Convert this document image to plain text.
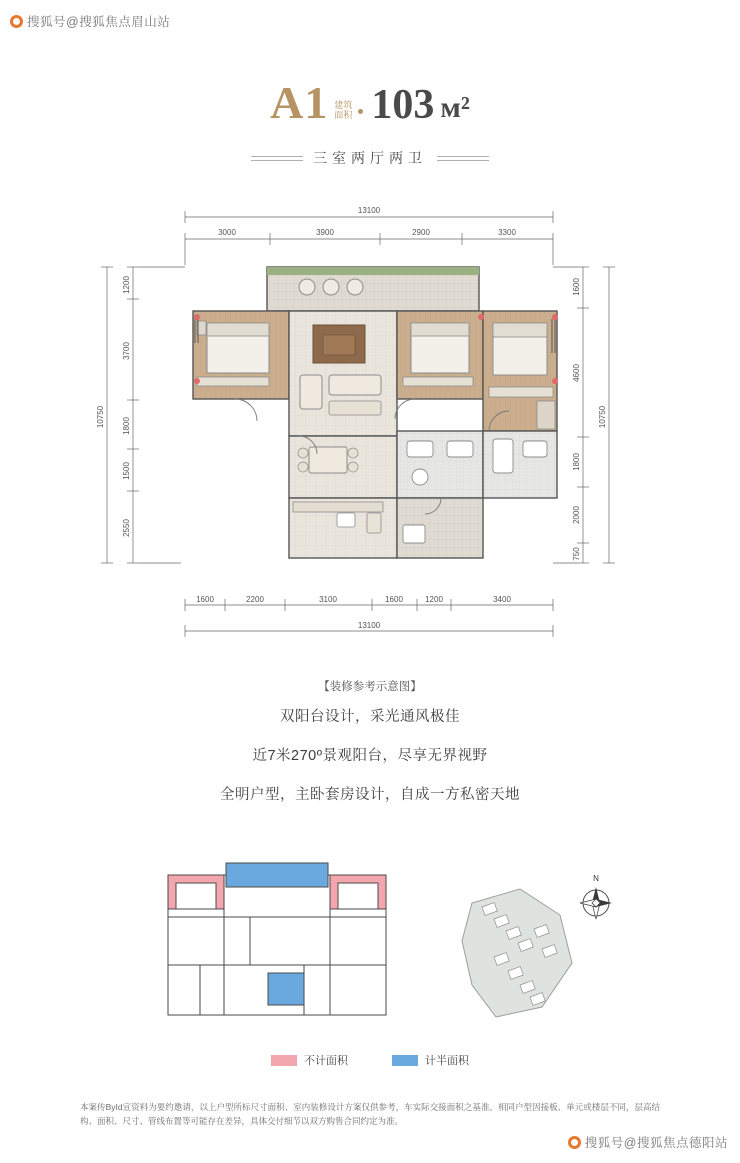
搜狐号@搜狐焦点眉山站
A1 建筑
面积 103 м²
三室两厅两卫
13100
3000	3900	2900	3300
10750
1200
3700
1800
1500
2550
1600
4600
1800
2000
750
10750
1600	2200	3100	1600	1200	3400
13100
【装修参考示意图】

双阳台设计，采光通风极佳

近7米270º景观阳台，尽享无界视野

全明户型，主卧套房设计，自成一方私密天地

N
不计面积	计半面积
本案传ById宣资料为要约邀请，以上户型所标尺寸面积、室内装修设计方案仅供参考，车实际交接面积之基准。相同户型因接板、单元或楼层不同，层高结构、面积、尺寸、管线布置等可能存在差异，具体交付细节以双方购售合同约定为准。
搜狐号@搜狐焦点德阳站
